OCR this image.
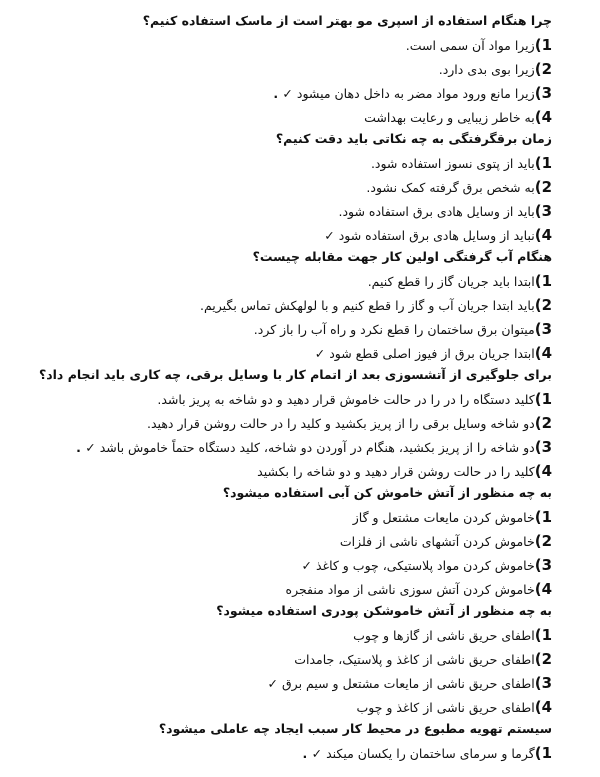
چرا هنگام استفاده از اسپری مو بهتر است از ماسک استفاده کنیم؟
1)زیرا مواد آن سمی است.
2)زیرا بوی بدی دارد.
3)زیرا مانع ورود مواد مضر به داخل دهان میشود✓ .
4)به خاطر زیبایی و رعایت بهداشت
زمان برقگرفتگی به چه نکاتی باید دقت کنیم؟
1)باید از پتوی نسوز استفاده شود.
2)به شخص برق گرفته کمک نشود.
3)باید از وسایل هادی برق استفاده شود.
4)نباید از وسایل هادی برق استفاده شود✓
هنگام آب گرفتگی اولین کار جهت مقابله چیست؟
1)ابتدا باید جریان گاز را قطع کنیم.
2)باید ابتدا جریان آب و گاز را قطع کنیم و با لولهکش تماس بگیریم.
3)میتوان برق ساختمان را قطع نکرد و راه آب را باز کرد.
4)ابتدا جریان برق از فیوز اصلی قطع شود✓
برای جلوگیری از آتشسوزی بعد از اتمام کار با وسایل برقی، چه کاری باید انجام داد؟
1)کلید دستگاه را در را در حالت خاموش قرار دهید و دو شاخه به پریز باشد.
2)دو شاخه وسایل برقی را از پریز بکشید و کلید را در حالت روشن قرار دهید.
3)دو شاخه را از پریز بکشید، هنگام در آوردن دو شاخه، کلید دستگاه حتماً خاموش باشد✓ .
4)کلید را در حالت روشن قرار دهید و دو شاخه را بکشید
به چه منظور از آتش خاموش کن آبی استفاده میشود؟
1)خاموش کردن مایعات مشتعل و گاز
2)خاموش کردن آتشهای ناشی از فلزات
3)خاموش کردن مواد پلاستیکی، چوب و کاغذ✓
4)خاموش کردن آتش سوزی ناشی از مواد منفجره
به چه منظور از آتش خاموشکن پودری استفاده میشود؟
1)اطفای حریق ناشی از گازها و چوب
2)اطفای حریق ناشی از کاغذ و پلاستیک، جامدات
3)اطفای حریق ناشی از مایعات مشتعل و سیم برق✓
4)اطفای حریق ناشی از کاغذ و چوب
سیستم تهویه مطبوع در محیط کار سبب ایجاد چه عاملی میشود؟
1)گرما و سرمای ساختمان را یکسان میکند✓ .
